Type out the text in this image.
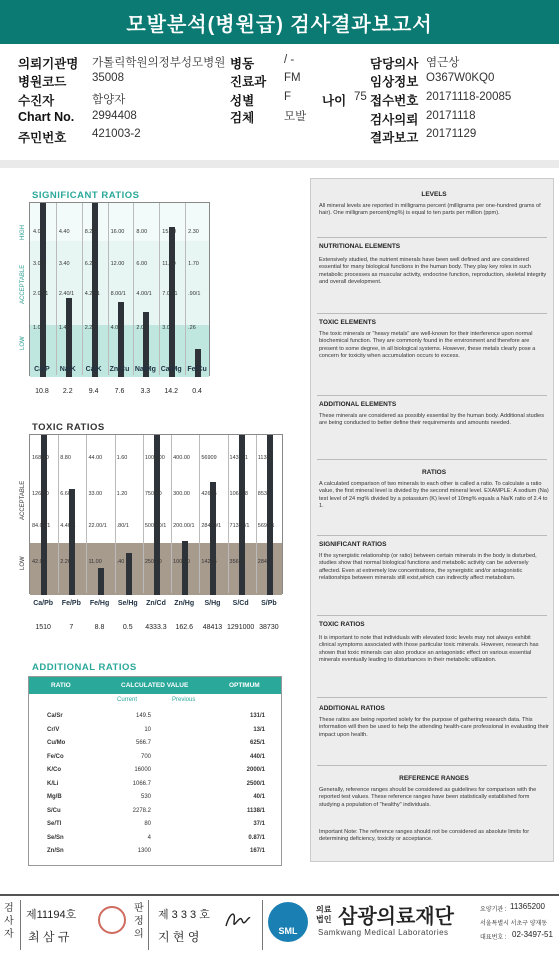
모발분석(병원급) 검사결과보고서
의뢰기관명	가톨릭학원의정부성모병원 병동	/ -	담당의사 염근상
병원코드	35008	진료과	FM	임상정보 O367W0KQ0
수진자	함양자	성별	F 나이 75 접수번호 20171118-20085
Chart No.	2994408	검체	모발	검사의뢰 20171118
주민번호	421003-2	결과보고 20171129
SIGNIFICANT RATIOS
4.00
3.00
2.00/1
1.00
4.40
3.40
2.40/1
1.40
8.20
6.20
4.20/1
2.20
16.00
12.00
8.00/1
4.00
8.00
6.00
4.00/1
2.00
15.00
11.00
7.00/1
3.00
2.30
1.70
.90/1
.26
HIGH
ACCEPTABLE
LOW
Ca/P	Na/K	Ca/K	Zn/Cu Na/Mg Ca/Mg Fe/Cu
10.8	2.2	9.4	7.6	3.3	14.2	0.4
TOXIC RATIOS
168.00
126.00
84.00/1
42.00
8.80
6.60
4.40/1
2.20
44.00
33.00
22.00/1
11.00
1.60
1.20
.80/1
.40
1000.00
750.00
500.00/1
250.00
400.00
300.00
200.00/1
100.00
56909
42675
28450/1
14225
143321
106988
71326/1
35663
11380
8535
5690/1
2845
ACCEPTABLE
LOW
Ca/Pb	Fe/Pb	Fe/Hg	Se/Hg	Zn/Cd	Zn/Hg	S/Hg	S/Cd	S/Pb
1510	7	8.8	0.5	4333.3	162.6	48413 1291000 38730
ADDITIONAL RATIOS
RATIO	CALCULATED VALUE	OPTIMUM
Current	Previous
Ca/Sr	149.5	131/1
Cr/V	10	13/1
Cu/Mo	566.7	625/1
Fe/Co	700	440/1
K/Co	16000	2000/1
K/Li	1066.7	2500/1
Mg/B	530	40/1
S/Cu	2278.2	1138/1
Se/Tl	80	37/1
Se/Sn	4	0.87/1
Zn/Sn	1300	167/1
LEVELS
All mineral levels are reported in milligrams percent (milligrams per one-hundred grams of hair). One milligram percent(mg%) is equal to ten parts per million (ppm).
NUTRITIONAL ELEMENTS
Extensively studied, the nutrient minerals have been well defined and are considered essential for many biological functions in the human body. They play key roles in such metabolic processes as muscular activity, endocrine function, reproduction, skeletal integrity and overall development.
TOXIC ELEMENTS
The toxic minerals or "heavy metals" are well-known for their interference upon normal biochemical function. They are commonly found in the environment and therefore are present to some degree, in all biological systems. However, these metals clearly pose a concern for toxicity when accumulation occurs to excess.
ADDITIONAL ELEMENTS
These minerals are considered as possibly essential by the human body. Additional studies are being conducted to better define their requirements and amounts needed.
RATIOS
A calculated comparison of two minerals to each other is called a ratio. To calculate a ratio value, the first mineral level is divided by the second mineral level. EXAMPLE: A sodium (Na) test level of 24 mg% divided by a potassium (K) level of 10mg% equals a Na/K ratio of 2.4 to 1.
SIGNIFICANT RATIOS
If the synergistic relationship (or ratio) between certain minerals in the body is disturbed, studies show that normal biological functions and metabolic activity can be adversely affected. Even at extremely low concentrations, the synergistic and/or antagonistic relationships between minerals still exist,which can indirectly affect metabolism.
TOXIC RATIOS
It is important to note that individuals with elevated toxic levels may not always exhibit clinical symptoms associated with those particular toxic minerals. However, research has shown that toxic minerals can also produce an antagonistic effect on various essential minerals eventually leading to disturbances in their metabolic utilization.
ADDITIONAL RATIOS
These ratios are being reported solely for the purpose of gathering research data. This information will then be used to help the attending health-care professional in evaluating their impact upon health.
REFERENCE RANGES
Generally, reference ranges should be considered as guidelines for comparison with the reported test values. These reference ranges have been statistically established form studying a population of "healthy" individuals.
Important Note: The reference ranges should not be considered as absolute limits for determining deficiency, toxicity or acceptance.
검사자
제11194호
최 삼 규
판정의
제 3 3 3 호
지 현 영	SML
의료
법인 삼광의료재단
Samkwang Medical Laboratories
요양기관 : 11365200
서울특별시 서초구 양재동
대표번호 : 02-3497-51
